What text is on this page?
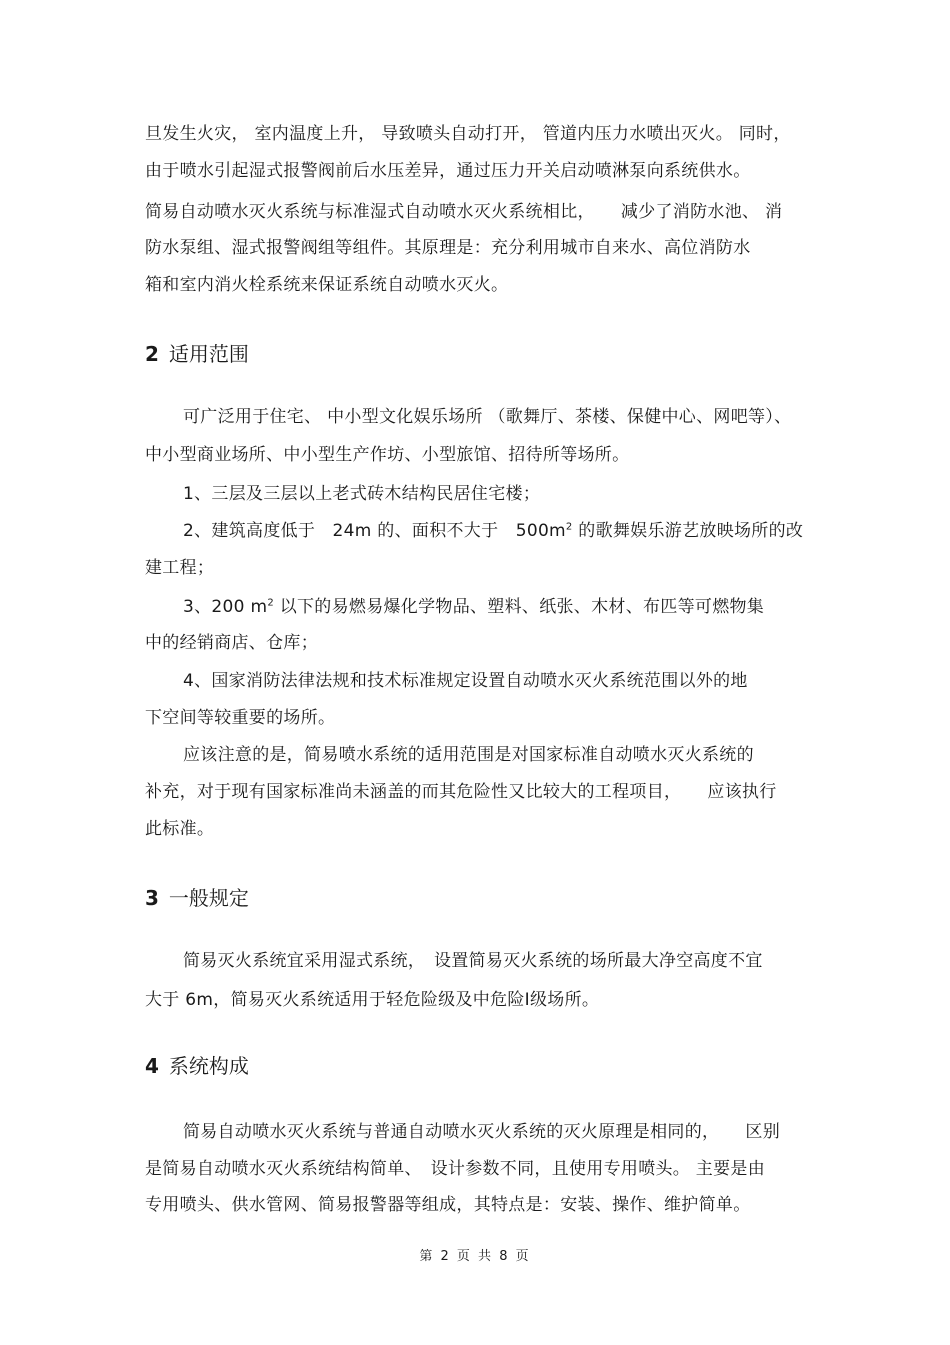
旦发生火灾， 室内温度上升， 导致喷头自动打开， 管道内压力水喷出灭火。 同时，
由于喷水引起湿式报警阀前后水压差异，通过压力开关启动喷淋泵向系统供水。
简易自动喷水灭火系统与标准湿式自动喷水灭火系统相比，　　减少了消防水池、 消
防水泵组、湿式报警阀组等组件。其原理是：充分利用城市自来水、高位消防水
箱和室内消火栓系统来保证系统自动喷水灭火。
2 适用范围
可广泛用于住宅、 中小型文化娱乐场所 （歌舞厅、茶楼、保健中心、网吧等）、
中小型商业场所、中小型生产作坊、小型旅馆、招待所等场所。
1、三层及三层以上老式砖木结构民居住宅楼；
2、建筑高度低于　24m 的、面积不大于　$500m^2$ 的歌舞娱乐游艺放映场所的改
建工程；
3、200 $m^2$ 以下的易燃易爆化学物品、塑料、纸张、木材、布匹等可燃物集
中的经销商店、仓库；
4、国家消防法律法规和技术标准规定设置自动喷水灭火系统范围以外的地
下空间等较重要的场所。
应该注意的是，简易喷水系统的适用范围是对国家标准自动喷水灭火系统的
补充，对于现有国家标准尚未涵盖的而其危险性又比较大的工程项目，　　应该执行
此标准。
3 一般规定
简易灭火系统宜采用湿式系统，　设置简易灭火系统的场所最大净空高度不宜
大于 6m，简易灭火系统适用于轻危险级及中危险Ⅰ级场所。
4 系统构成
简易自动喷水灭火系统与普通自动喷水灭火系统的灭火原理是相同的，　　区别
是简易自动喷水灭火系统结构简单、　设计参数不同，且使用专用喷头。 主要是由
专用喷头、供水管网、简易报警器等组成，其特点是：安装、操作、维护简单。
第 2 页 共 8 页
